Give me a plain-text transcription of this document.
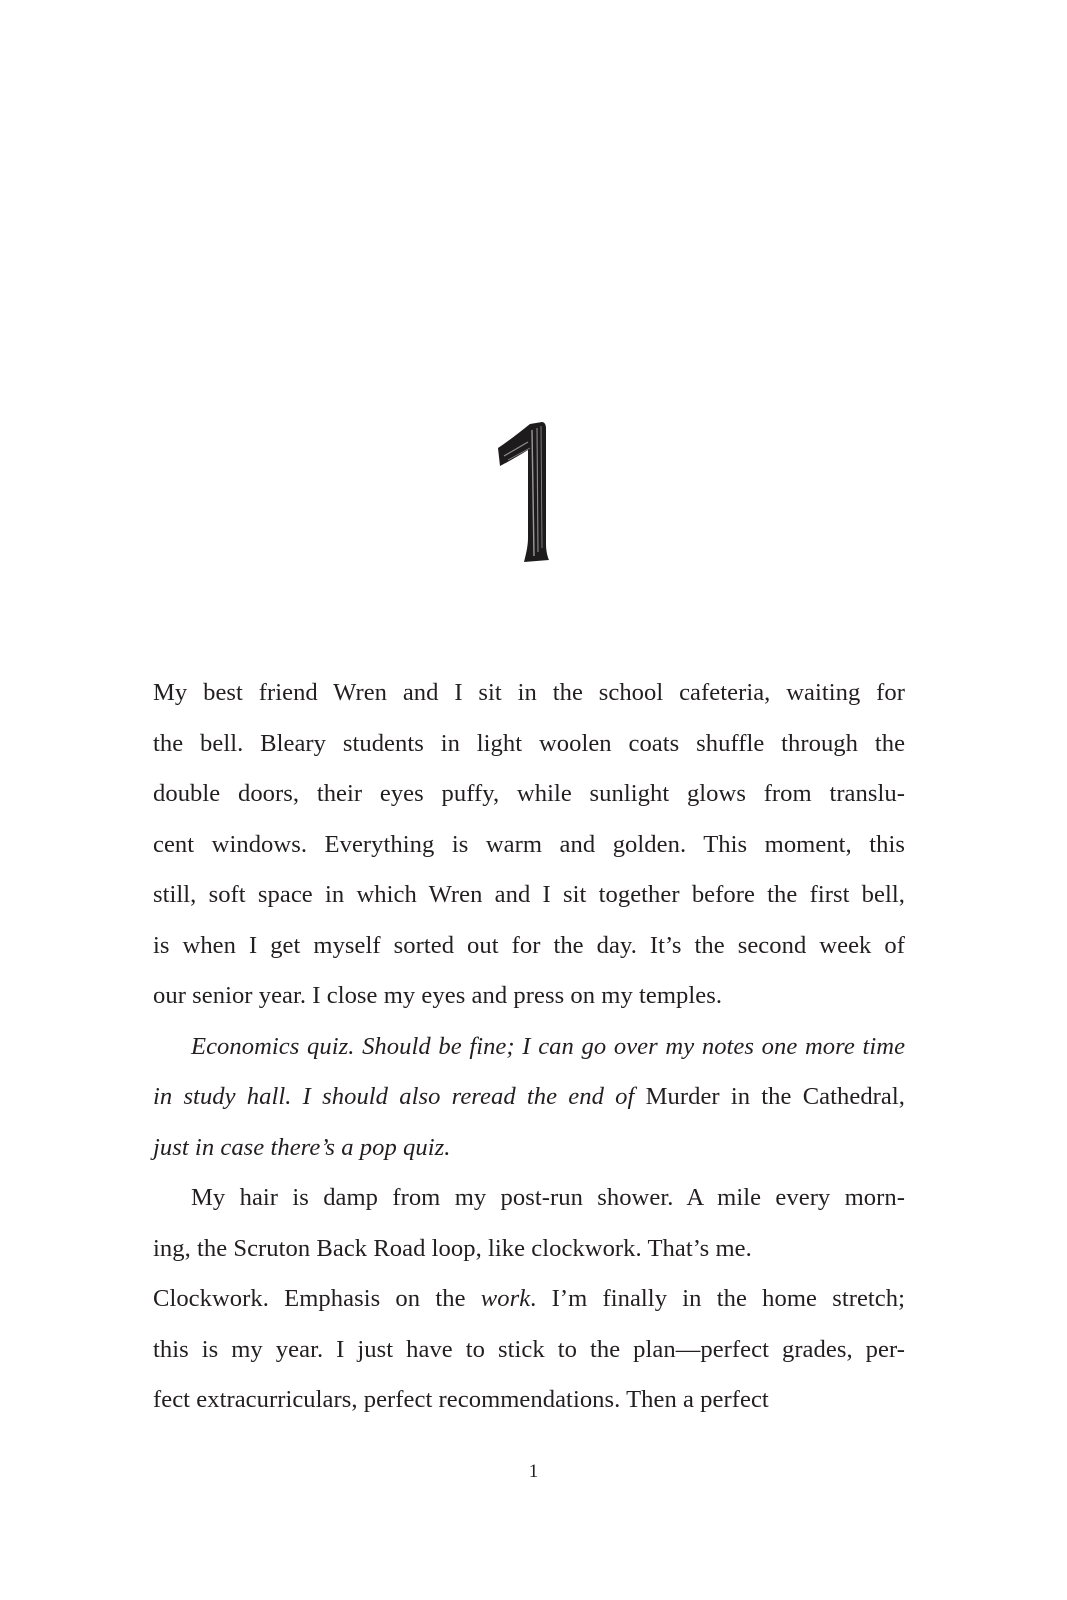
My best friend Wren and I sit in the school cafeteria, waiting for
the bell. Bleary students in light woolen coats shuffle through the
double doors, their eyes puffy, while sunlight glows from translu-
cent windows. Everything is warm and golden. This moment, this
still, soft space in which Wren and I sit together before the first bell,
is when I get myself sorted out for the day. It’s the second week of
our senior year. I close my eyes and press on my temples.
Economics quiz. Should be fine; I can go over my notes one more time
in study hall. I should also reread the end of Murder in the Cathedral,
just in case there’s a pop quiz.
My hair is damp from my post-run shower. A mile every morn-
ing, the Scruton Back Road loop, like clockwork. That’s me.
Clockwork. Emphasis on the work. I’m finally in the home stretch;
this is my year. I just have to stick to the plan—perfect grades, per-
fect extracurriculars, perfect recommendations. Then a perfect
1
